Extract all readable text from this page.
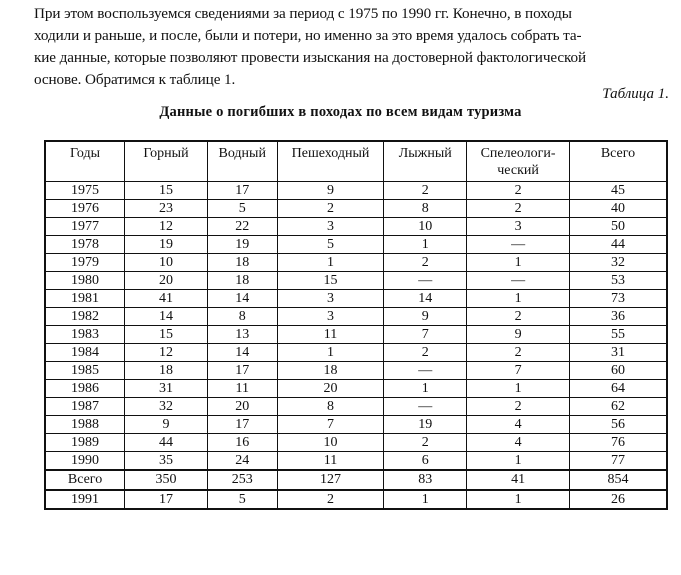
При этом воспользуемся сведениями за период с 1975 по 1990 гг. Конечно, в походы
ходили и раньше, и после, были и потери, но именно за это время удалось собрать та-
кие данные, которые позволяют провести изыскания на достоверной фактологической
основе. Обратимся к таблице 1.
Таблица 1.
Данные о погибших в походах по всем видам туризма
Годы	Горный	Водный	Пешеходный	Лыжный	Спелеологи-ческий	Всего
1975	15	17	9	2	2	45
1976	23	5	2	8	2	40
1977	12	22	3	10	3	50
1978	19	19	5	1	—	44
1979	10	18	1	2	1	32
1980	20	18	15	—	—	53
1981	41	14	3	14	1	73
1982	14	8	3	9	2	36
1983	15	13	11	7	9	55
1984	12	14	1	2	2	31
1985	18	17	18	—	7	60
1986	31	11	20	1	1	64
1987	32	20	8	—	2	62
1988	9	17	7	19	4	56
1989	44	16	10	2	4	76
1990	35	24	11	6	1	77
Всего	350	253	127	83	41	854
1991	17	5	2	1	1	26
